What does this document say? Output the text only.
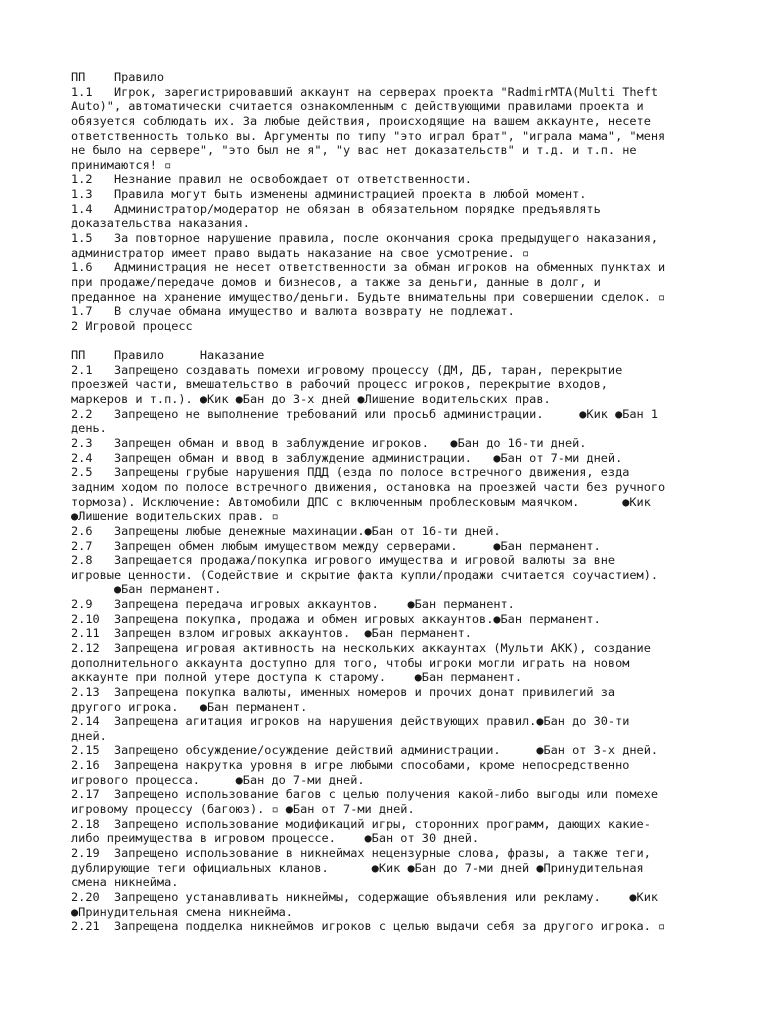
ПП    Правило
1.1   Игрок, зарегистрировавший аккаунт на серверах проекта "RadmirMTA(Multi Theft
Auto)", автоматически считается ознакомленным с действующими правилами проекта и
обязуется соблюдать их. За любые действия, происходящие на вашем аккаунте, несете
ответственность только вы. Аргументы по типу "это играл брат", "играла мама", "меня
не было на сервере", "это был не я", "у вас нет доказательств" и т.д. и т.п. не
принимаются! ▫
1.2   Незнание правил не освобождает от ответственности.
1.3   Правила могут быть изменены администрацией проекта в любой момент.
1.4   Администратор/модератор не обязан в обязательном порядке предъявлять
доказательства наказания.
1.5   За повторное нарушение правила, после окончания срока предыдущего наказания,
администратор имеет право выдать наказание на свое усмотрение. ▫
1.6   Администрация не несет ответственности за обман игроков на обменных пунктах и
при продаже/передаче домов и бизнесов, а также за деньги, данные в долг, и
преданное на хранение имущество/деньги. Будьте внимательны при совершении сделок. ▫
1.7   В случае обмана имущество и валюта возврату не подлежат.
2 Игровой процесс
ПП    Правило     Наказание
2.1   Запрещено создавать помехи игровому процессу (ДМ, ДБ, таран, перекрытие
проезжей части, вмешательство в рабочий процесс игроков, перекрытие входов,
маркеров и т.п.). ●Кик ●Бан до 3-х дней ●Лишение водительских прав.
2.2   Запрещено не выполнение требований или просьб администрации.     ●Кик ●Бан 1
день.
2.3   Запрещен обман и ввод в заблуждение игроков.   ●Бан до 16-ти дней.
2.4   Запрещен обман и ввод в заблуждение администрации.   ●Бан от 7-ми дней.
2.5   Запрещены грубые нарушения ПДД (езда по полосе встречного движения, езда
задним ходом по полосе встречного движения, остановка на проезжей части без ручного
тормоза). Исключение: Автомобили ДПС с включенным проблесковым маячком.      ●Кик
●Лишение водительских прав. ▫
2.6   Запрещены любые денежные махинации.●Бан от 16-ти дней.
2.7   Запрещен обмен любым имуществом между серверами.     ●Бан перманент.
2.8   Запрещается продажа/покупка игрового имущества и игровой валюты за вне
игровые ценности. (Содействие и скрытие факта купли/продажи считается соучастием).
●Бан перманент.
2.9   Запрещена передача игровых аккаунтов.    ●Бан перманент.
2.10  Запрещена покупка, продажа и обмен игровых аккаунтов.●Бан перманент.
2.11  Запрещен взлом игровых аккаунтов.  ●Бан перманент.
2.12  Запрещена игровая активность на нескольких аккаунтах (Мульти АКК), создание
дополнительного аккаунта доступно для того, чтобы игроки могли играть на новом
аккаунте при полной утере доступа к старому.    ●Бан перманент.
2.13  Запрещена покупка валюты, именных номеров и прочих донат привилегий за
другого игрока.   ●Бан перманент.
2.14  Запрещена агитация игроков на нарушения действующих правил.●Бан до 30-ти
дней.
2.15  Запрещено обсуждение/осуждение действий администрации.     ●Бан от 3-х дней.
2.16  Запрещена накрутка уровня в игре любыми способами, кроме непосредственно
игрового процесса.     ●Бан до 7-ми дней.
2.17  Запрещено использование багов с целью получения какой-либо выгоды или помехе
игровому процессу (багоюз). ▫ ●Бан от 7-ми дней.
2.18  Запрещено использование модификаций игры, сторонних программ, дающих какие-
либо преимущества в игровом процессе.    ●Бан от 30 дней.
2.19  Запрещено использование в никнеймах нецензурные слова, фразы, а также теги,
дублирующие теги официальных кланов.      ●Кик ●Бан до 7-ми дней ●Принудительная
смена никнейма.
2.20  Запрещено устанавливать никнеймы, содержащие объявления или рекламу.    ●Кик
●Принудительная смена никнейма.
2.21  Запрещена подделка никнеймов игроков с целью выдачи себя за другого игрока. ▫
